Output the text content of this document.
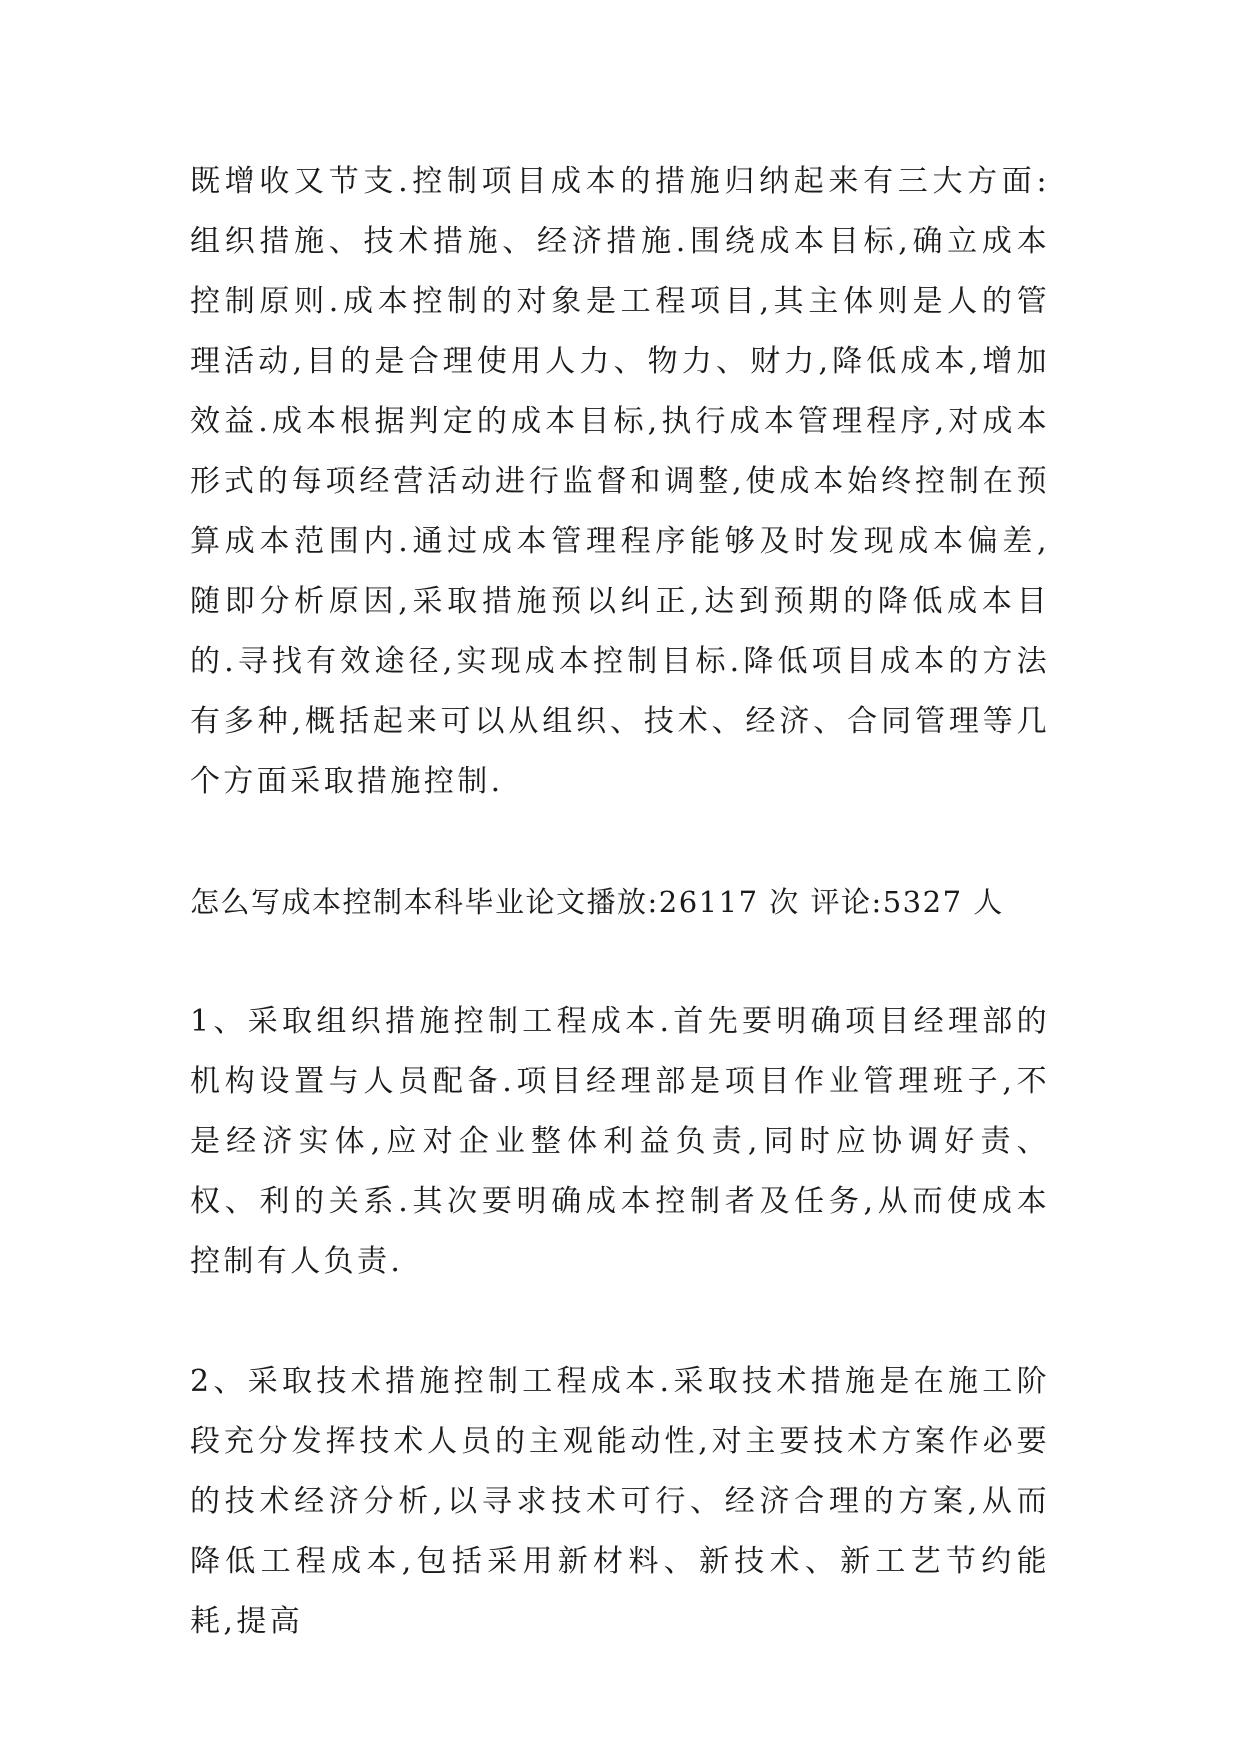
既增收又节支.控制项目成本的措施归纳起来有三大方面:组织措施、技术措施、经济措施.围绕成本目标,确立成本控制原则.成本控制的对象是工程项目,其主体则是人的管理活动,目的是合理使用人力、物力、财力,降低成本,增加效益.成本根据判定的成本目标,执行成本管理程序,对成本形式的每项经营活动进行监督和调整,使成本始终控制在预算成本范围内.通过成本管理程序能够及时发现成本偏差,随即分析原因,采取措施预以纠正,达到预期的降低成本目的.寻找有效途径,实现成本控制目标.降低项目成本的方法有多种,概括起来可以从组织、技术、经济、合同管理等几个方面采取措施控制.

怎么写成本控制本科毕业论文播放:26117 次 评论:5327 人

1、采取组织措施控制工程成本.首先要明确项目经理部的机构设置与人员配备.项目经理部是项目作业管理班子,不是经济实体,应对企业整体利益负责,同时应协调好责、权、利的关系.其次要明确成本控制者及任务,从而使成本控制有人负责.

2、采取技术措施控制工程成本.采取技术措施是在施工阶段充分发挥技术人员的主观能动性,对主要技术方案作必要的技术经济分析,以寻求技术可行、经济合理的方案,从而降低工程成本,包括采用新材料、新技术、新工艺节约能耗,提高
